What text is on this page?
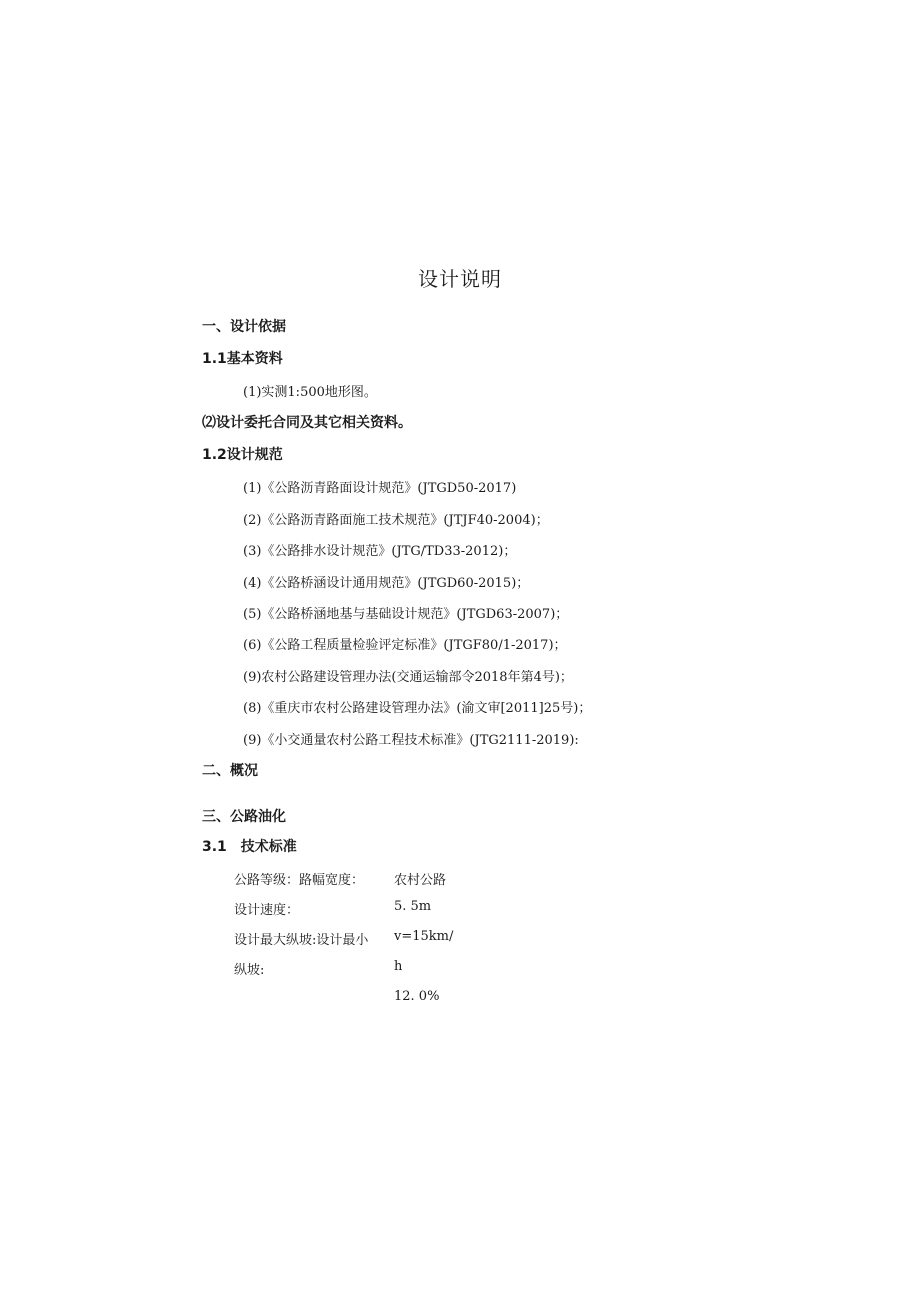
设计说明
一、设计依据
1.1基本资料
(1)实测1:500地形图。
⑵设计委托合同及其它相关资料。
1.2设计规范
(1)《公路沥青路面设计规范》(JTGD50-2017)
(2)《公路沥青路面施工技术规范》(JTJF40-2004)；
(3)《公路排水设计规范》(JTG/TD33-2012)；
(4)《公路桥涵设计通用规范》(JTGD60-2015)；
(5)《公路桥涵地基与基础设计规范》(JTGD63-2007)；
(6)《公路工程质量检验评定标准》(JTGF80/1-2017)；
(9)农村公路建设管理办法(交通运输部令2018年第4号)；
(8)《重庆市农村公路建设管理办法》(渝文审[2011]25号)；
(9)《小交通量农村公路工程技术标准》(JTG2111-2019):
二、概况
三、公路油化
3.1　技术标准
公路等级：路幅宽度：
设计速度：
设计最大纵坡:设计最小
纵坡:
农村公路
5. 5m
v=15km/
h
12. 0%
